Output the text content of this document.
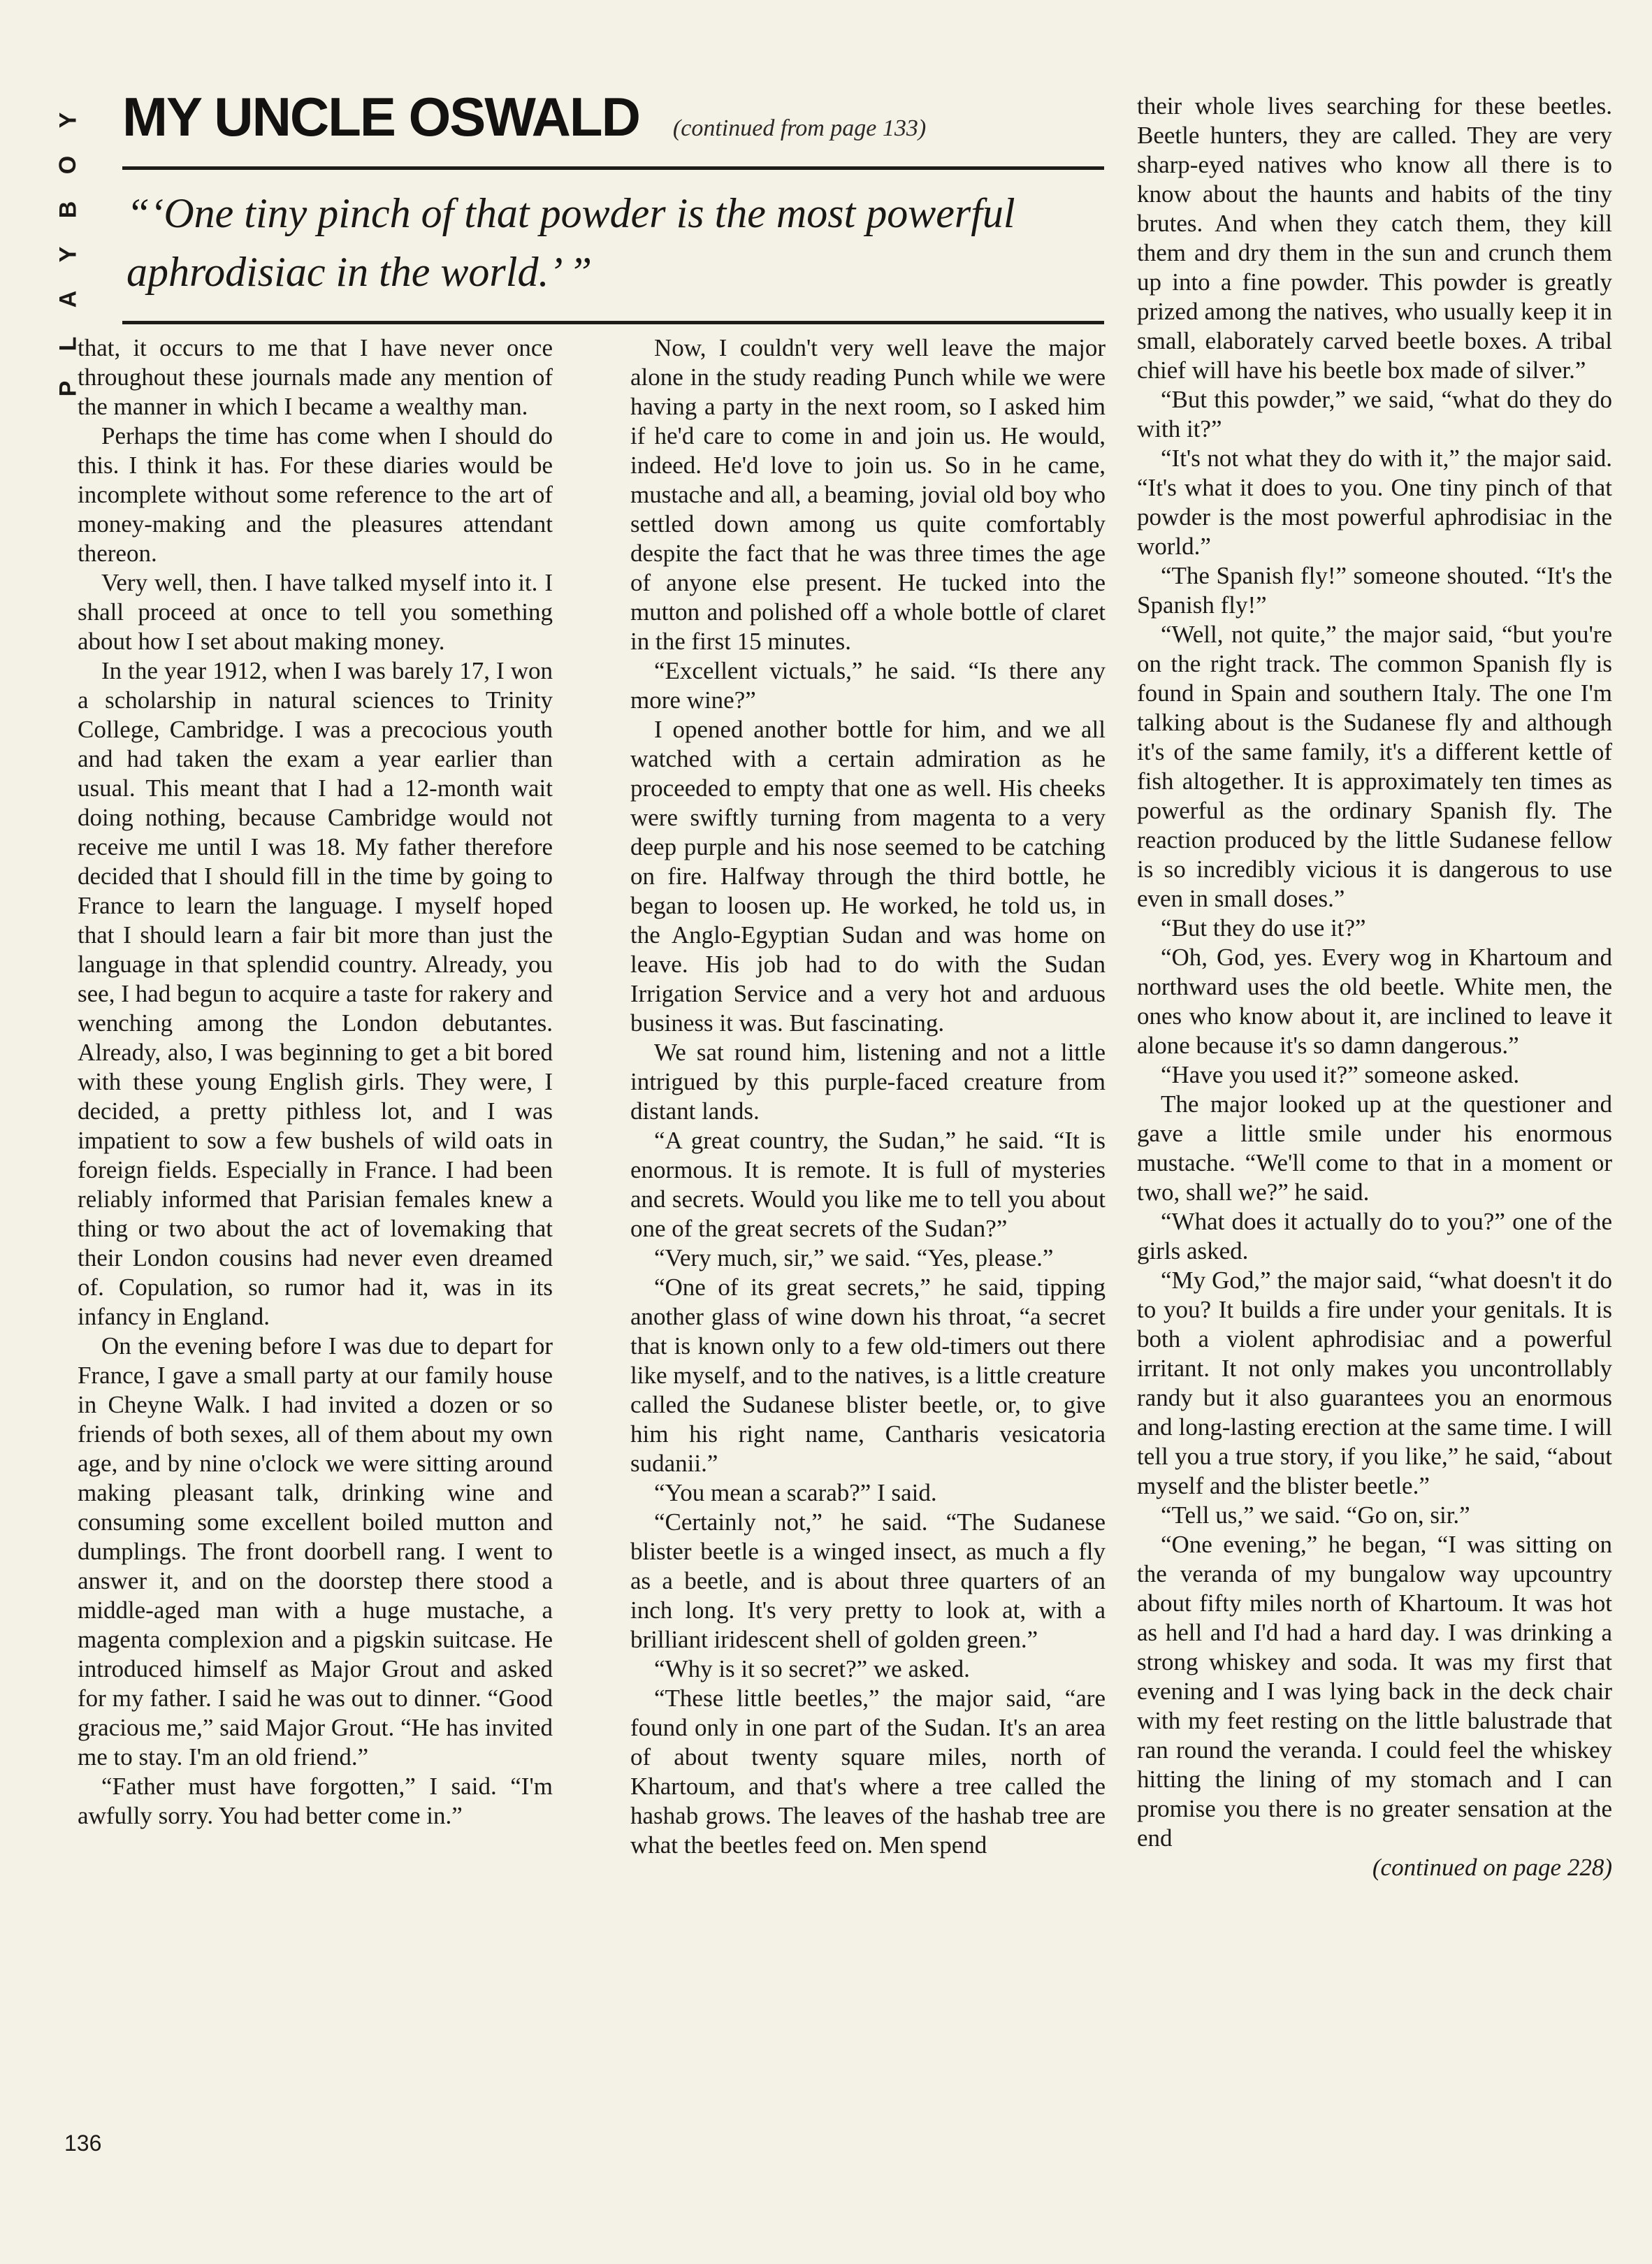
Y
O
B
Y
A
L
P
MY UNCLE OSWALD (continued from page 133)
“‘One tiny pinch of that powder is the most powerful aphrodisiac in the world.’ ”

that, it occurs to me that I have never once throughout these journals made any mention of the manner in which I became a wealthy man.

Perhaps the time has come when I should do this. I think it has. For these diaries would be incomplete without some reference to the art of money-making and the pleasures attendant thereon.

Very well, then. I have talked myself into it. I shall proceed at once to tell you something about how I set about making money.

In the year 1912, when I was barely 17, I won a scholarship in natural sciences to Trinity College, Cambridge. I was a precocious youth and had taken the exam a year earlier than usual. This meant that I had a 12-month wait doing nothing, because Cambridge would not receive me until I was 18. My father therefore decided that I should fill in the time by going to France to learn the language. I myself hoped that I should learn a fair bit more than just the language in that splendid country. Already, you see, I had begun to acquire a taste for rakery and wenching among the London debutantes. Already, also, I was beginning to get a bit bored with these young English girls. They were, I decided, a pretty pithless lot, and I was impatient to sow a few bushels of wild oats in foreign fields. Especially in France. I had been reliably informed that Parisian females knew a thing or two about the act of lovemaking that their London cousins had never even dreamed of. Copulation, so rumor had it, was in its infancy in England.

On the evening before I was due to depart for France, I gave a small party at our family house in Cheyne Walk. I had invited a dozen or so friends of both sexes, all of them about my own age, and by nine o'clock we were sitting around making pleasant talk, drinking wine and consuming some excellent boiled mutton and dumplings. The front doorbell rang. I went to answer it, and on the doorstep there stood a middle-aged man with a huge mustache, a magenta complexion and a pigskin suitcase. He introduced himself as Major Grout and asked for my father. I said he was out to dinner. “Good gracious me,” said Major Grout. “He has invited me to stay. I'm an old friend.”

“Father must have forgotten,” I said. “I'm awfully sorry. You had better come in.”

Now, I couldn't very well leave the major alone in the study reading Punch while we were having a party in the next room, so I asked him if he'd care to come in and join us. He would, indeed. He'd love to join us. So in he came, mustache and all, a beaming, jovial old boy who settled down among us quite comfortably despite the fact that he was three times the age of anyone else present. He tucked into the mutton and polished off a whole bottle of claret in the first 15 minutes.

“Excellent victuals,” he said. “Is there any more wine?”

I opened another bottle for him, and we all watched with a certain admiration as he proceeded to empty that one as well. His cheeks were swiftly turning from magenta to a very deep purple and his nose seemed to be catching on fire. Halfway through the third bottle, he began to loosen up. He worked, he told us, in the Anglo-Egyptian Sudan and was home on leave. His job had to do with the Sudan Irrigation Service and a very hot and arduous business it was. But fascinating.

We sat round him, listening and not a little intrigued by this purple-faced creature from distant lands.

“A great country, the Sudan,” he said. “It is enormous. It is remote. It is full of mysteries and secrets. Would you like me to tell you about one of the great secrets of the Sudan?”

“Very much, sir,” we said. “Yes, please.”

“One of its great secrets,” he said, tipping another glass of wine down his throat, “a secret that is known only to a few old-timers out there like myself, and to the natives, is a little creature called the Sudanese blister beetle, or, to give him his right name, Cantharis vesicatoria sudanii.”

“You mean a scarab?” I said.

“Certainly not,” he said. “The Sudanese blister beetle is a winged insect, as much a fly as a beetle, and is about three quarters of an inch long. It's very pretty to look at, with a brilliant iridescent shell of golden green.”

“Why is it so secret?” we asked.

“These little beetles,” the major said, “are found only in one part of the Sudan. It's an area of about twenty square miles, north of Khartoum, and that's where a tree called the hashab grows. The leaves of the hashab tree are what the beetles feed on. Men spend

their whole lives searching for these beetles. Beetle hunters, they are called. They are very sharp-eyed natives who know all there is to know about the haunts and habits of the tiny brutes. And when they catch them, they kill them and dry them in the sun and crunch them up into a fine powder. This powder is greatly prized among the natives, who usually keep it in small, elaborately carved beetle boxes. A tribal chief will have his beetle box made of silver.”

“But this powder,” we said, “what do they do with it?”

“It's not what they do with it,” the major said. “It's what it does to you. One tiny pinch of that powder is the most powerful aphrodisiac in the world.”

“The Spanish fly!” someone shouted. “It's the Spanish fly!”

“Well, not quite,” the major said, “but you're on the right track. The common Spanish fly is found in Spain and southern Italy. The one I'm talking about is the Sudanese fly and although it's of the same family, it's a different kettle of fish altogether. It is approximately ten times as powerful as the ordinary Spanish fly. The reaction produced by the little Sudanese fellow is so incredibly vicious it is dangerous to use even in small doses.”

“But they do use it?”

“Oh, God, yes. Every wog in Khartoum and northward uses the old beetle. White men, the ones who know about it, are inclined to leave it alone because it's so damn dangerous.”

“Have you used it?” someone asked.

The major looked up at the questioner and gave a little smile under his enormous mustache. “We'll come to that in a moment or two, shall we?” he said.

“What does it actually do to you?” one of the girls asked.

“My God,” the major said, “what doesn't it do to you? It builds a fire under your genitals. It is both a violent aphrodisiac and a powerful irritant. It not only makes you uncontrollably randy but it also guarantees you an enormous and long-lasting erection at the same time. I will tell you a true story, if you like,” he said, “about myself and the blister beetle.”

“Tell us,” we said. “Go on, sir.”

“One evening,” he began, “I was sitting on the veranda of my bungalow way upcountry about fifty miles north of Khartoum. It was hot as hell and I'd had a hard day. I was drinking a strong whiskey and soda. It was my first that evening and I was lying back in the deck chair with my feet resting on the little balustrade that ran round the veranda. I could feel the whiskey hitting the lining of my stomach and I can promise you there is no greater sensation at the end

(continued on page 228)

136
